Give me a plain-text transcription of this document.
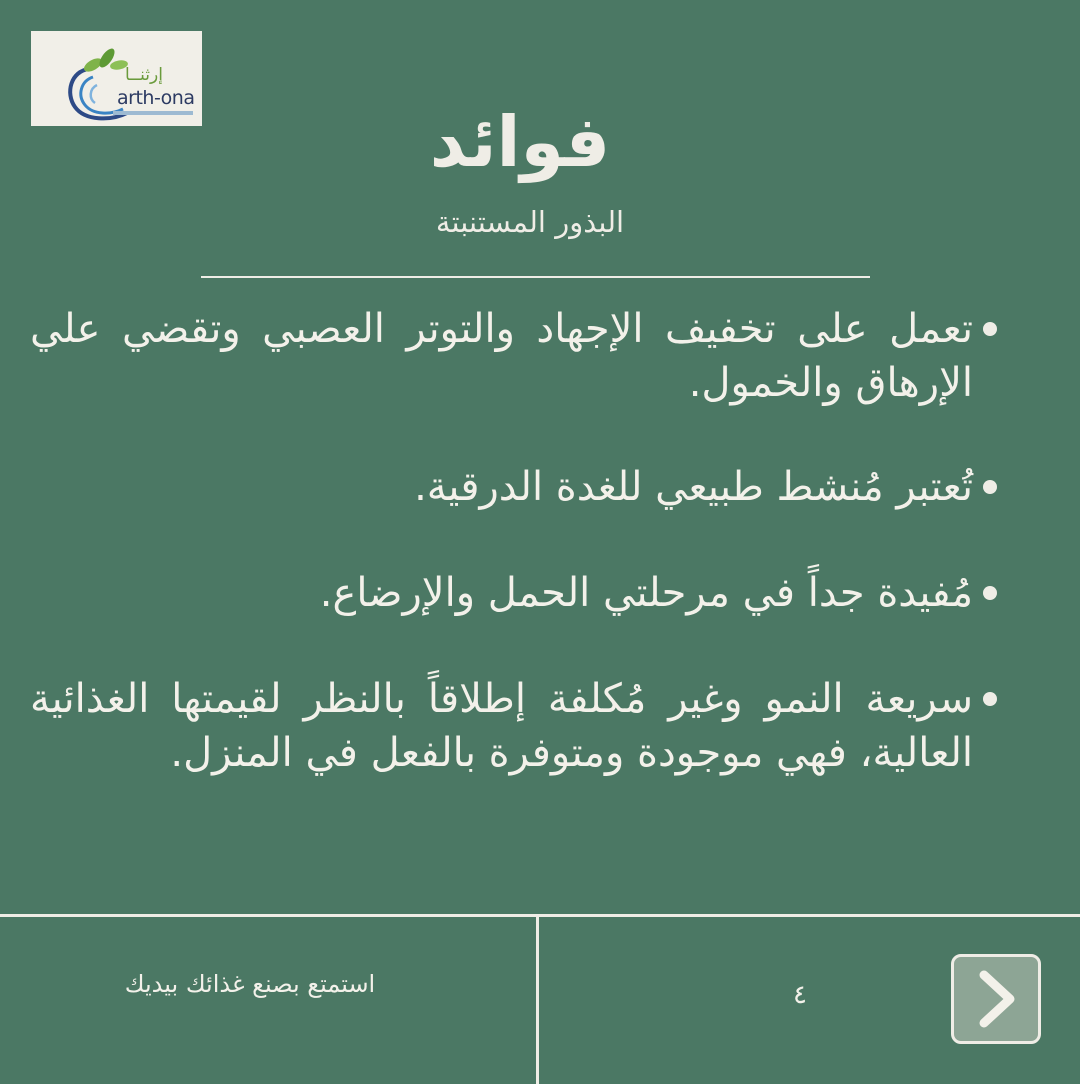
إرثنــا
arth-ona
فوائد
البذور المستنبتة
تعمل على تخفيف الإجهاد والتوتر العصبي وتقضي علي الإرهاق والخمول.
تُعتبر مُنشط طبيعي للغدة الدرقية.
مُفيدة جداً في مرحلتي الحمل والإرضاع.
سريعة النمو وغير مُكلفة إطلاقاً بالنظر لقيمتها الغذائية العالية، فهي موجودة ومتوفرة بالفعل في المنزل.
استمتع بصنع غذائك بيديك	٤
